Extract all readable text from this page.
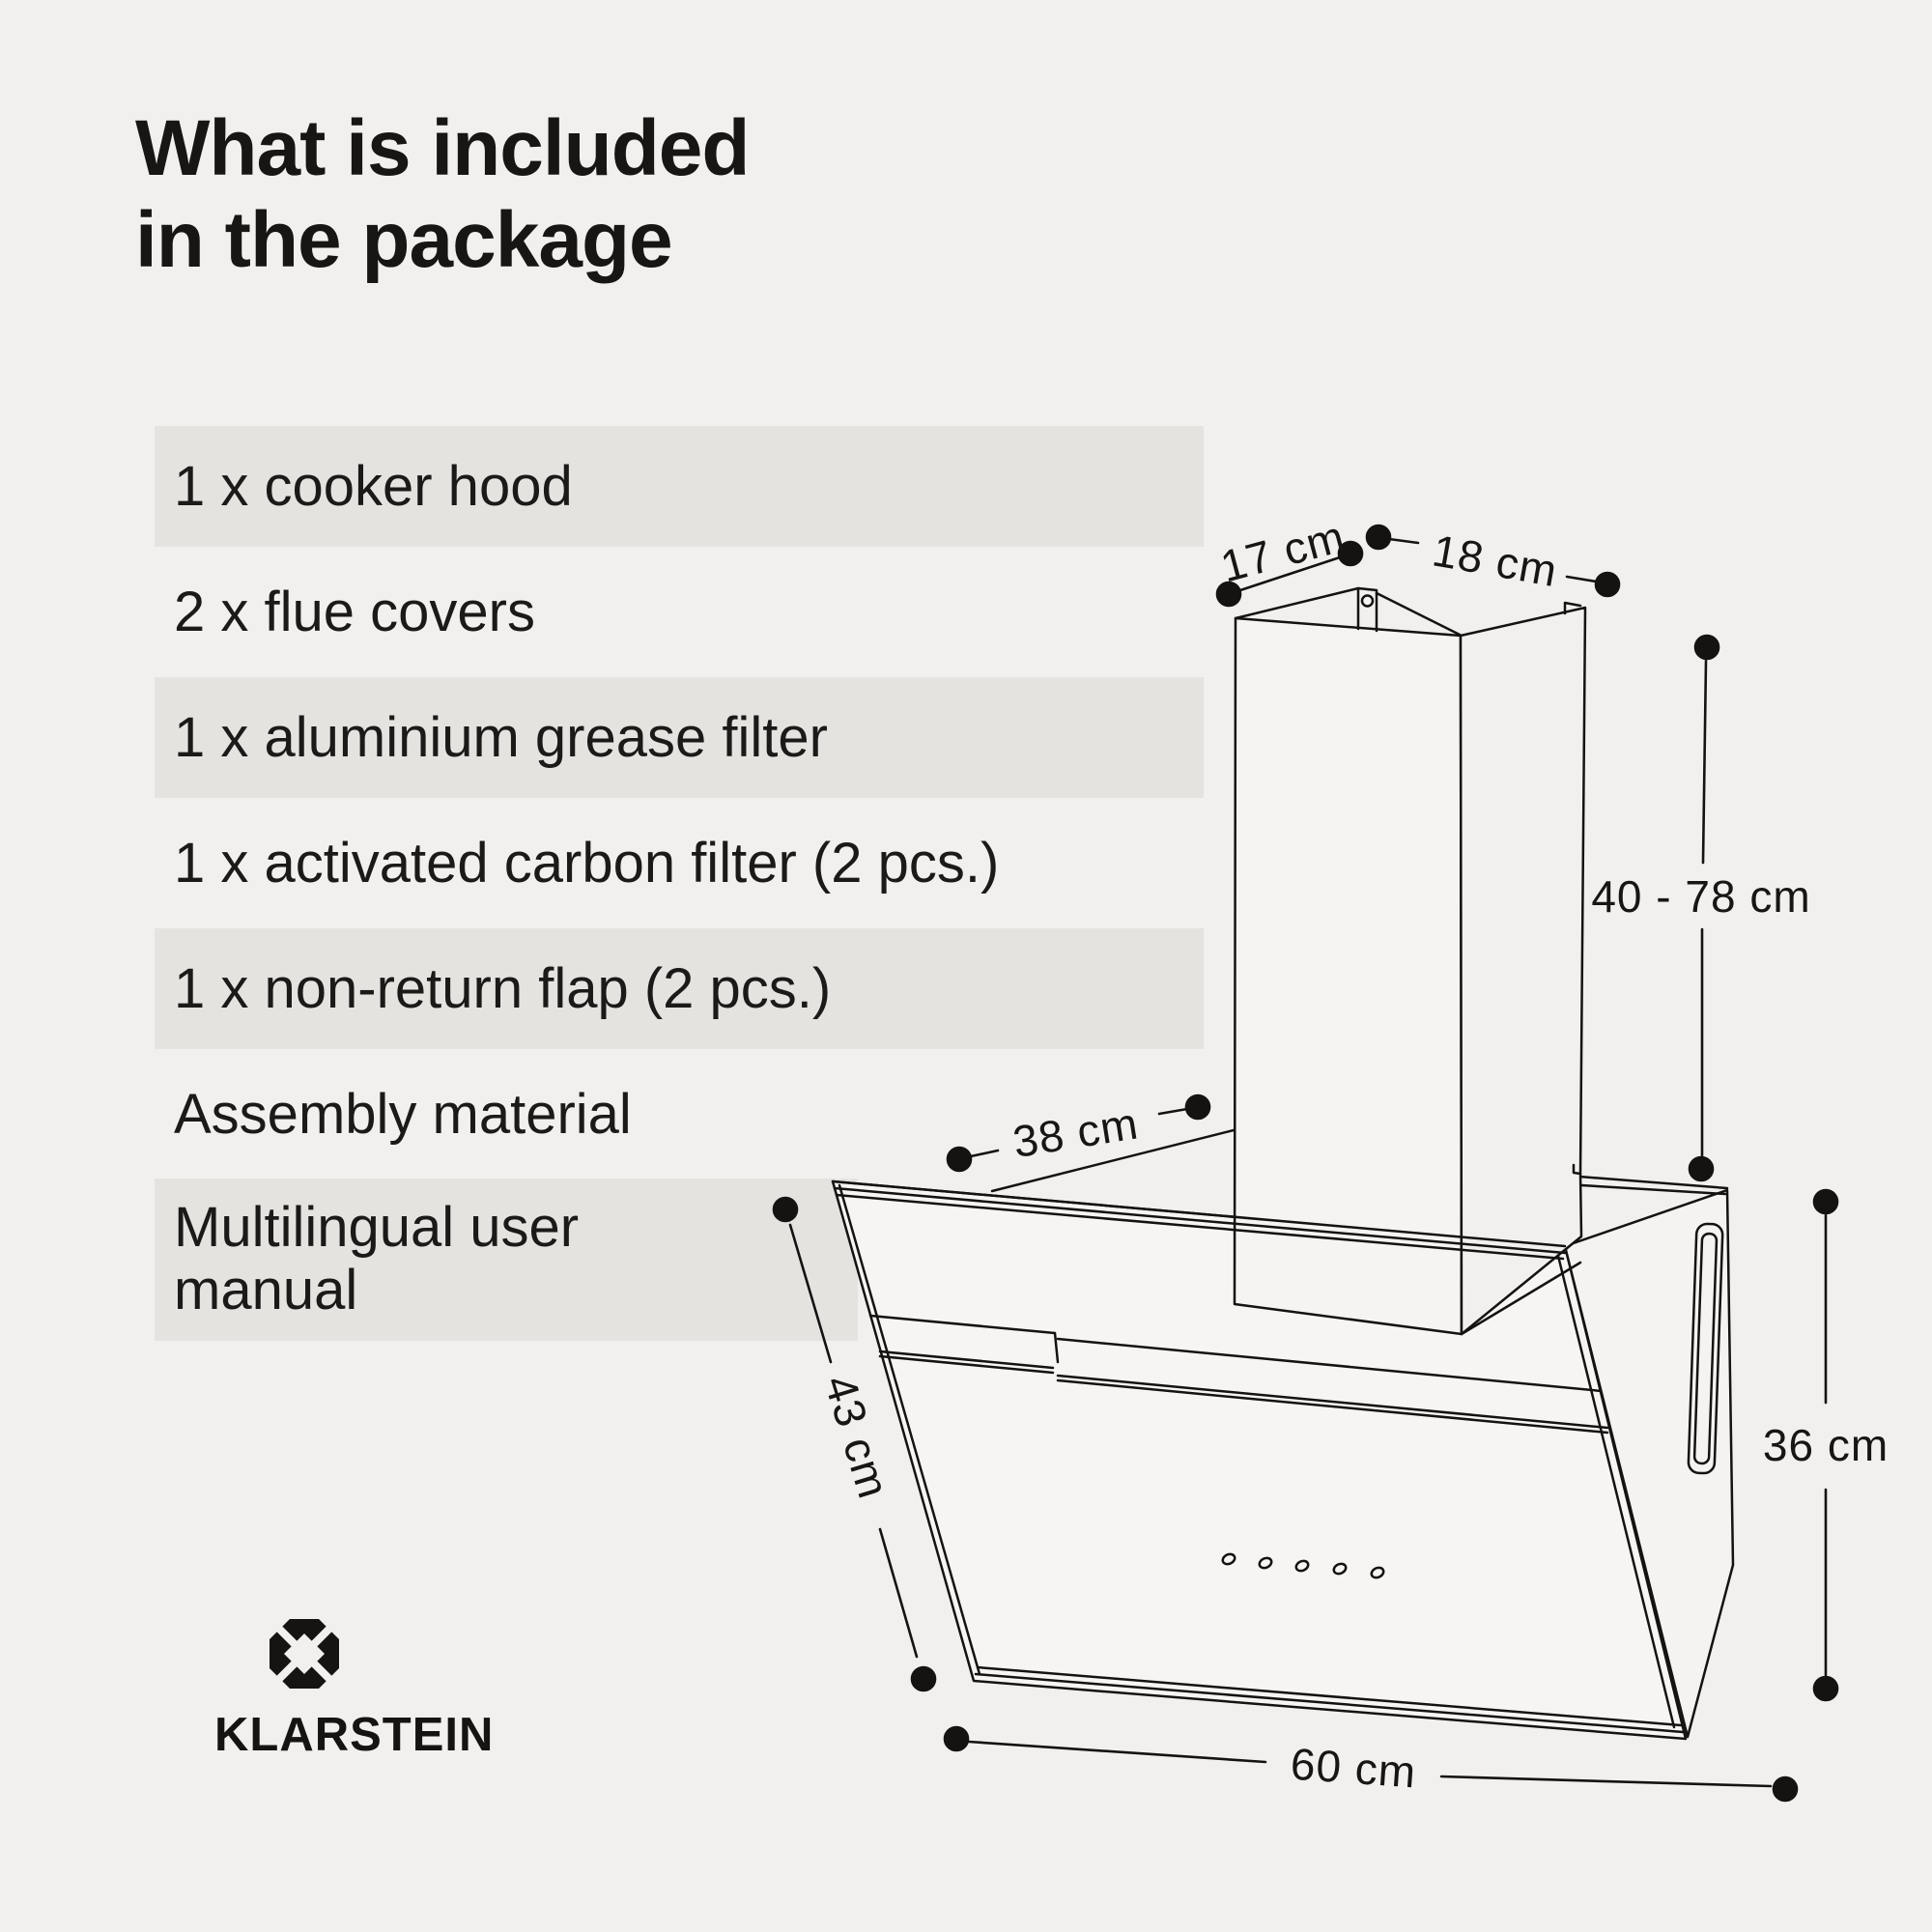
What is included
in the package
1 x cooker hood
2 x flue covers
1 x aluminium grease filter
1 x activated carbon filter (2 pcs.)
1 x non-return flap (2 pcs.)
Assembly material
Multilingual user manual
17 cm 18 cm
40 - 78 cm
38 cm
43 cm	36 cm
60 cm
KLARSTEIN
